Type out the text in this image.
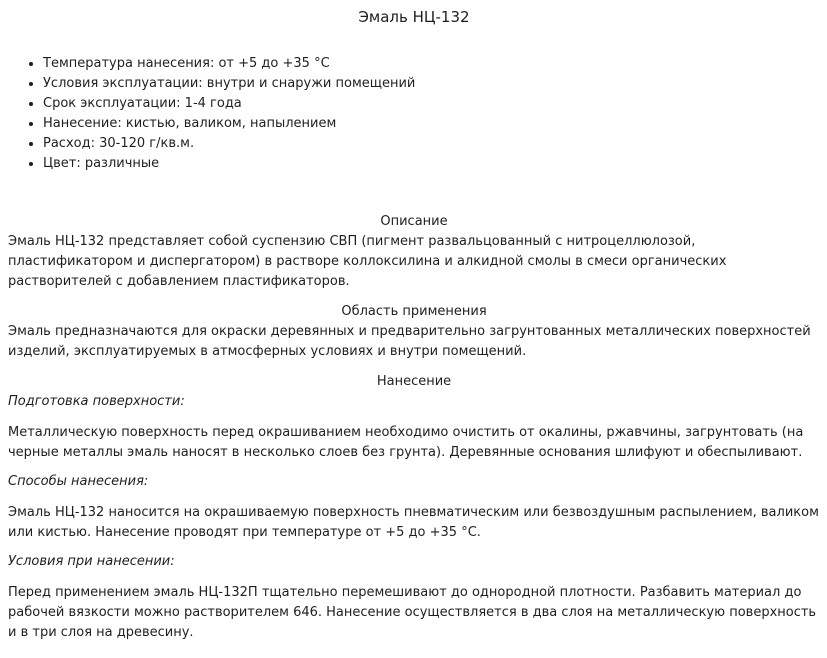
Эмаль НЦ-132
Температура нанесения: от +5 до +35 °С
Условия эксплуатации: внутри и снаружи помещений
Срок эксплуатации: 1-4 года
Нанесение: кистью, валиком, напылением
Расход: 30-120 г/кв.м.
Цвет: различные
Описание

Эмаль НЦ-132 представляет собой суспензию СВП (пигмент развальцованный с нитроцеллюлозой, пластификатором и диспергатором) в растворе коллоксилина и алкидной смолы в смеси органических растворителей с добавлением пластификаторов.

Область применения

Эмаль предназначаются для окраски деревянных и предварительно загрунтованных металлических поверхностей изделий, эксплуатируемых в атмосферных условиях и внутри помещений.

Нанесение
Подготовка поверхности:

Металлическую поверхность перед окрашиванием необходимо очистить от окалины, ржавчины, загрунтовать (на черные металлы эмаль наносят в несколько слоев без грунта). Деревянные основания шлифуют и обеспыливают.

Способы нанесения:

Эмаль НЦ-132 наносится на окрашиваемую поверхность пневматическим или безвоздушным распылением, валиком или кистью. Нанесение проводят при температуре от +5 до +35 °С.

Условия при нанесении:

Перед применением эмаль НЦ-132П тщательно перемешивают до однородной плотности. Разбавить материал до рабочей вязкости можно растворителем 646. Нанесение осуществляется в два слоя на металлическую поверхность и в три слоя на древесину.
